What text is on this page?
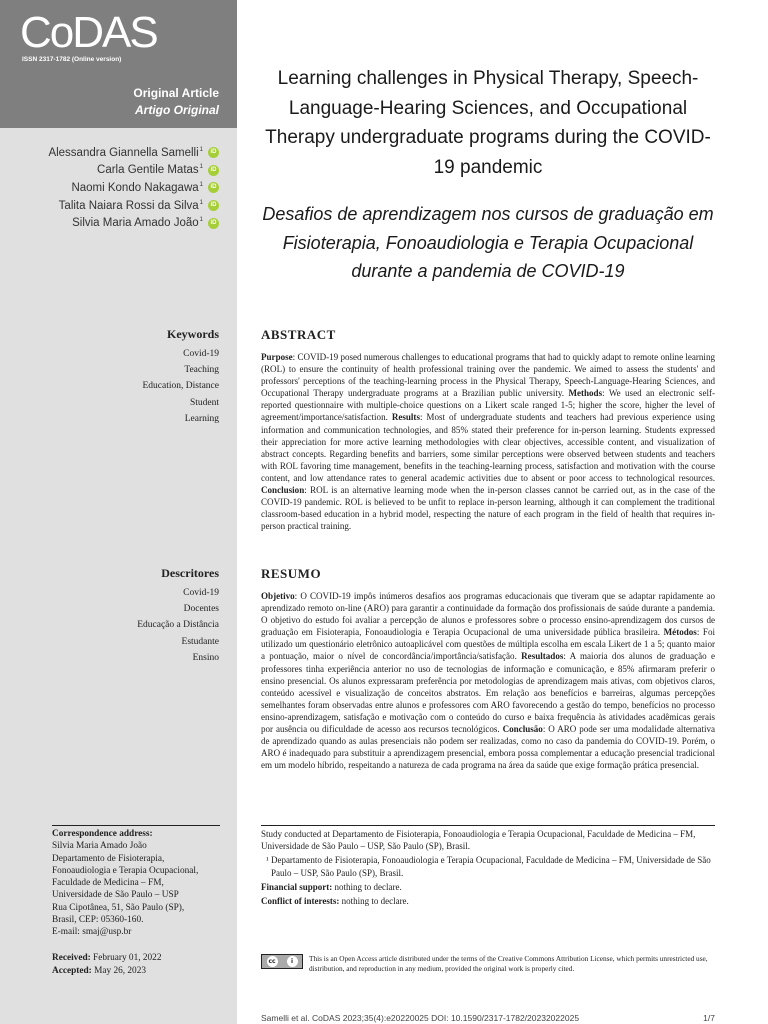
CoDAS
ISSN 2317-1782 (Online version)
Original Article
Artigo Original
Alessandra Giannella Samelli$^1$	iD
Carla Gentile Matas$^1$	iD
Naomi Kondo Nakagawa$^1$	iD
Talita Naiara Rossi da Silva$^1$	iD
Silvia Maria Amado João$^1$	iD
Keywords
Covid-19
Teaching
Education, Distance
Student
Learning
Descritores
Covid-19
Docentes
Educação a Distância
Estudante
Ensino
Correspondence address:
Silvia Maria Amado João
Departamento de Fisioterapia,
Fonoaudiologia e Terapia Ocupacional,
Faculdade de Medicina – FM,
Universidade de São Paulo – USP
Rua Cipotânea, 51, São Paulo (SP),
Brasil, CEP: 05360-160.
E-mail: smaj@usp.br
Received: February 01, 2022
Accepted: May 26, 2023
Learning challenges in Physical Therapy, Speech-Language-Hearing Sciences, and Occupational Therapy undergraduate programs during the COVID-19 pandemic
Desafios de aprendizagem nos cursos de graduação em Fisioterapia, Fonoaudiologia e Terapia Ocupacional durante a pandemia de COVID-19
ABSTRACT
Purpose: COVID-19 posed numerous challenges to educational programs that had to quickly adapt to remote online learning (ROL) to ensure the continuity of health professional training over the pandemic. We aimed to assess the students' and professors' perceptions of the teaching-learning process in the Physical Therapy, Speech-Language-Hearing Sciences, and Occupational Therapy undergraduate programs at a Brazilian public university. Methods: We used an electronic self-reported questionnaire with multiple-choice questions on a Likert scale ranged 1-5; higher the score, higher the level of agreement/importance/satisfaction. Results: Most of undergraduate students and teachers had previous experience using information and communication technologies, and 85% stated their preference for in-person learning. Students expressed their appreciation for more active learning methodologies with clear objectives, accessible content, and visualization of abstract concepts. Regarding benefits and barriers, some similar perceptions were observed between students and teachers with ROL favoring time management, benefits in the teaching-learning process, satisfaction and motivation with the course content, and low attendance rates to general academic activities due to absent or poor access to technological resources. Conclusion: ROL is an alternative learning mode when the in-person classes cannot be carried out, as in the case of the COVID-19 pandemic. ROL is believed to be unfit to replace in-person learning, although it can complement the traditional classroom-based education in a hybrid model, respecting the nature of each program in the field of health that requires in-person practical training.
RESUMO
Objetivo: O COVID-19 impôs inúmeros desafios aos programas educacionais que tiveram que se adaptar rapidamente ao aprendizado remoto on-line (ARO) para garantir a continuidade da formação dos profissionais de saúde durante a pandemia. O objetivo do estudo foi avaliar a percepção de alunos e professores sobre o processo ensino-aprendizagem dos cursos de graduação em Fisioterapia, Fonoaudiologia e Terapia Ocupacional de uma universidade pública brasileira. Métodos: Foi utilizado um questionário eletrônico autoaplicável com questões de múltipla escolha em escala Likert de 1 a 5; quanto maior a pontuação, maior o nível de concordância/importância/satisfação. Resultados: A maioria dos alunos de graduação e professores tinha experiência anterior no uso de tecnologias de informação e comunicação, e 85% afirmaram preferir o ensino presencial. Os alunos expressaram preferência por metodologias de aprendizagem mais ativas, com objetivos claros, conteúdo acessível e visualização de conceitos abstratos. Em relação aos benefícios e barreiras, algumas percepções semelhantes foram observadas entre alunos e professores com ARO favorecendo a gestão do tempo, benefícios no processo ensino-aprendizagem, satisfação e motivação com o conteúdo do curso e baixa frequência às atividades acadêmicas gerais por ausência ou dificuldade de acesso aos recursos tecnológicos. Conclusão: O ARO pode ser uma modalidade alternativa de aprendizado quando as aulas presenciais não podem ser realizadas, como no caso da pandemia do COVID-19. Porém, o ARO é inadequado para substituir a aprendizagem presencial, embora possa complementar a educação presencial tradicional em um modelo híbrido, respeitando a natureza de cada programa na área da saúde que exige formação prática presencial.
Study conducted at Departamento de Fisioterapia, Fonoaudiologia e Terapia Ocupacional, Faculdade de Medicina – FM, Universidade de São Paulo – USP, São Paulo (SP), Brasil.
¹ Departamento de Fisioterapia, Fonoaudiologia e Terapia Ocupacional, Faculdade de Medicina – FM, Universidade de São Paulo – USP, São Paulo (SP), Brasil.
Financial support: nothing to declare.
Conflict of interests: nothing to declare.
cc	i	This is an Open Access article distributed under the terms of the Creative Commons Attribution License, which permits unrestricted use, distribution, and reproduction in any medium, provided the original work is properly cited.
Samelli et al. CoDAS 2023;35(4):e20220025 DOI: 10.1590/2317-1782/20232022025	1/7
